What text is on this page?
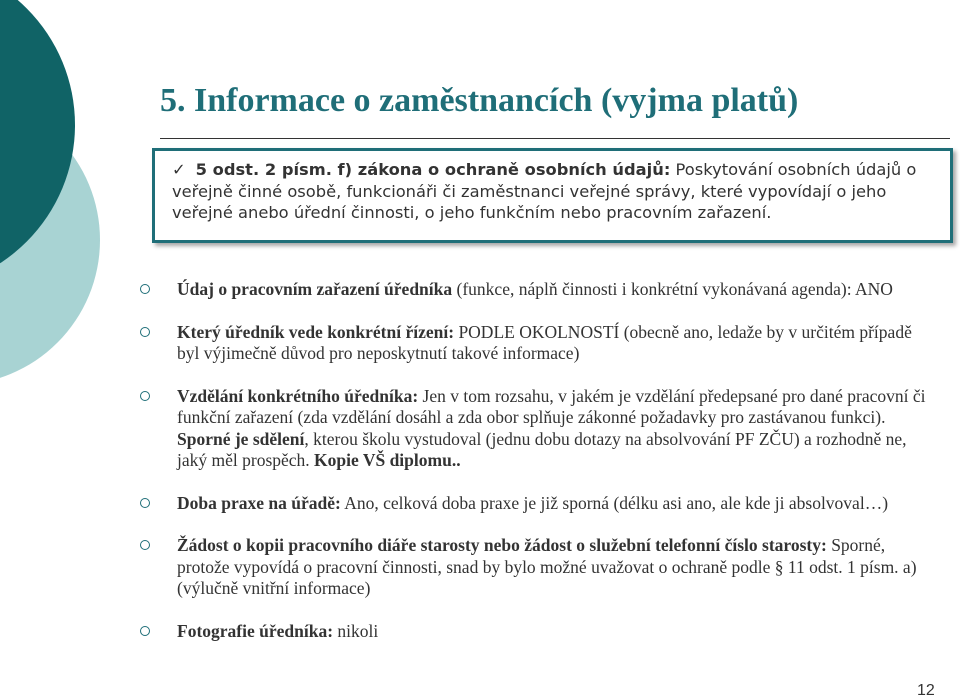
5. Informace o zaměstnancích (vyjma platů)
✓ 5 odst. 2 písm. f) zákona o ochraně osobních údajů: Poskytování osobních údajů o veřejně činné osobě, funkcionáři či zaměstnanci veřejné správy, které vypovídají o jeho veřejné anebo úřední činnosti, o jeho funkčním nebo pracovním zařazení.
Údaj o pracovním zařazení úředníka (funkce, náplň činnosti i konkrétní vykonávaná agenda): ANO
Který úředník vede konkrétní řízení: PODLE OKOLNOSTÍ (obecně ano, ledaže by v určitém případě byl výjimečně důvod pro neposkytnutí takové informace)
Vzdělání konkrétního úředníka: Jen v tom rozsahu, v jakém je vzdělání předepsané pro dané pracovní či funkční zařazení (zda vzdělání dosáhl a zda obor splňuje zákonné požadavky pro zastávanou funkci). Sporné je sdělení, kterou školu vystudoval (jednu dobu dotazy na absolvování PF ZČU) a rozhodně ne, jaký měl prospěch. Kopie VŠ diplomu..
Doba praxe na úřadě: Ano, celková doba praxe je již sporná (délku asi ano, ale kde ji absolvoval…)
Žádost o kopii pracovního diáře starosty nebo žádost o služební telefonní číslo starosty: Sporné, protože vypovídá o pracovní činnosti, snad by bylo možné uvažovat o ochraně podle § 11 odst. 1 písm. a) (výlučně vnitřní informace)
Fotografie úředníka: nikoli
12
